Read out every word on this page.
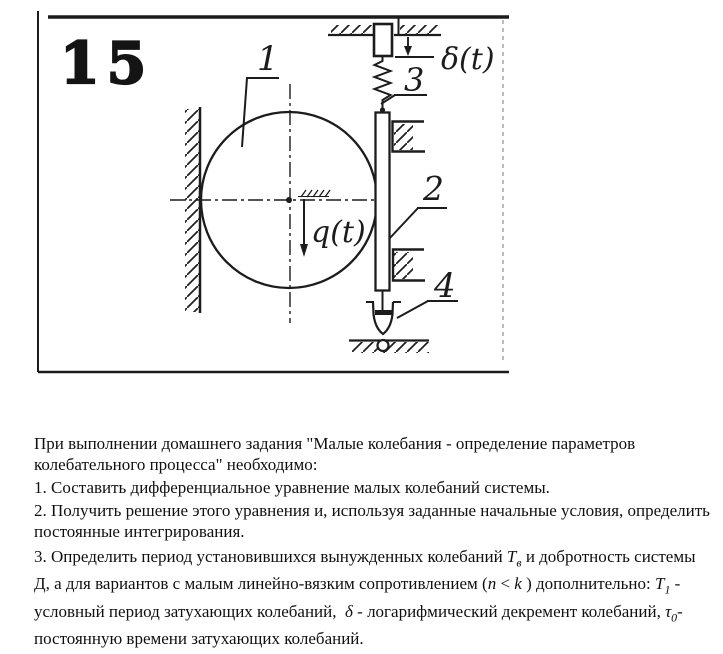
15
q(t)
δ(t)
1
2
3
4

При выполнении домашнего задания "Малые колебания - определение параметров колебательного процесса" необходимо:

1. Составить дифференциальное уравнение малых колебаний системы.

2. Получить решение этого уравнения и, используя заданные начальные условия, определить постоянные интегрирования.

3. Определить период установившихся вынужденных колебаний $Т_в$ и добротность системы Д, а для вариантов с малым линейно-вязким сопротивлением (n < k ) дополнительно: $Т_1$ - условный период затухающих колебаний,  δ - логарифмический декремент колебаний, $\tau_0-$ постоянную времени затухающих колебаний.
